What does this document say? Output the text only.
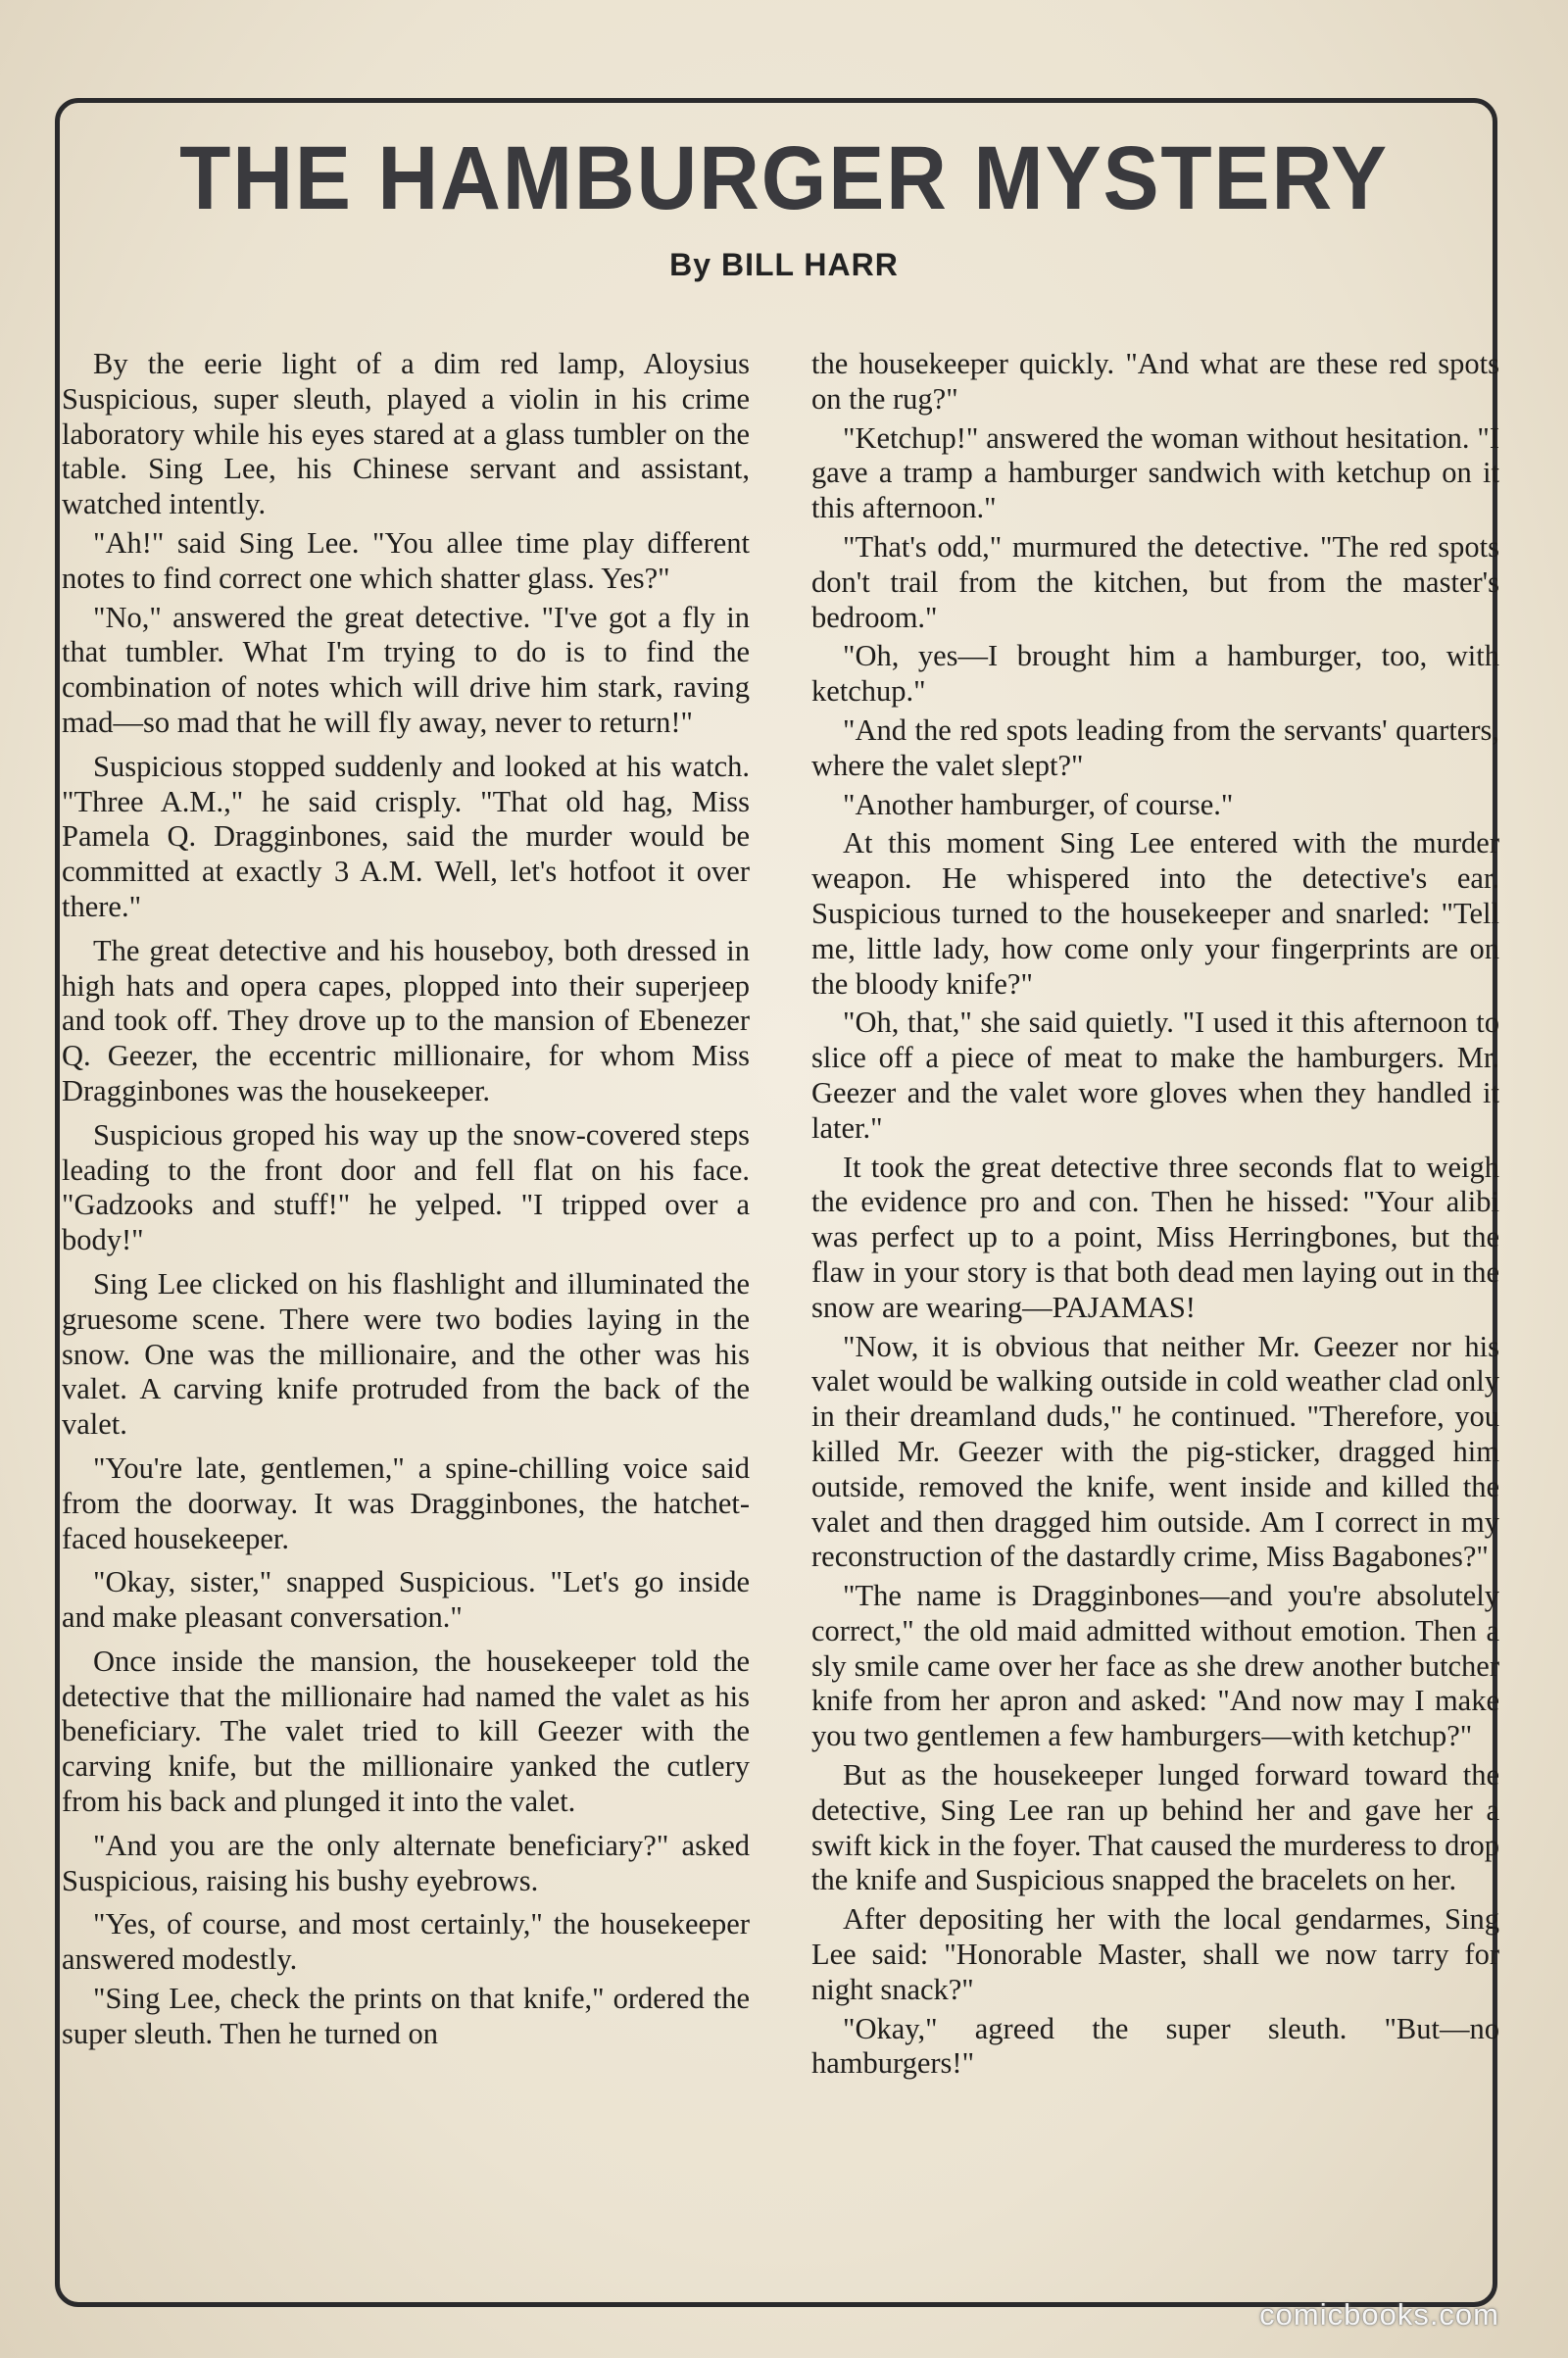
THE HAMBURGER MYSTERY
By BILL HARR

By the eerie light of a dim red lamp, Aloysius Suspicious, super sleuth, played a violin in his crime laboratory while his eyes stared at a glass tumbler on the table. Sing Lee, his Chinese servant and assistant, watched intently.

"Ah!" said Sing Lee. "You allee time play different notes to find correct one which shatter glass. Yes?"

"No," answered the great detective. "I've got a fly in that tumbler. What I'm trying to do is to find the combination of notes which will drive him stark, raving mad—so mad that he will fly away, never to return!"

Suspicious stopped suddenly and looked at his watch. "Three A.M.," he said crisply. "That old hag, Miss Pamela Q. Dragginbones, said the murder would be committed at exactly 3 A.M. Well, let's hotfoot it over there."

The great detective and his houseboy, both dressed in high hats and opera capes, plopped into their superjeep and took off. They drove up to the mansion of Ebenezer Q. Geezer, the eccentric millionaire, for whom Miss Dragginbones was the housekeeper.

Suspicious groped his way up the snow-covered steps leading to the front door and fell flat on his face. "Gadzooks and stuff!" he yelped. "I tripped over a body!"

Sing Lee clicked on his flashlight and illuminated the gruesome scene. There were two bodies laying in the snow. One was the millionaire, and the other was his valet. A carving knife protruded from the back of the valet.

"You're late, gentlemen," a spine-chilling voice said from the doorway. It was Dragginbones, the hatchet-faced housekeeper.

"Okay, sister," snapped Suspicious. "Let's go inside and make pleasant conversation."

Once inside the mansion, the housekeeper told the detective that the millionaire had named the valet as his beneficiary. The valet tried to kill Geezer with the carving knife, but the millionaire yanked the cutlery from his back and plunged it into the valet.

"And you are the only alternate beneficiary?" asked Suspicious, raising his bushy eyebrows.

"Yes, of course, and most certainly," the housekeeper answered modestly.

"Sing Lee, check the prints on that knife," ordered the super sleuth. Then he turned on

the housekeeper quickly. "And what are these red spots on the rug?"

"Ketchup!" answered the woman without hesitation. "I gave a tramp a hamburger sandwich with ketchup on it this afternoon."

"That's odd," murmured the detective. "The red spots don't trail from the kitchen, but from the master's bedroom."

"Oh, yes—I brought him a hamburger, too, with ketchup."

"And the red spots leading from the servants' quarters, where the valet slept?"

"Another hamburger, of course."

At this moment Sing Lee entered with the murder weapon. He whispered into the detective's ear. Suspicious turned to the housekeeper and snarled: "Tell me, little lady, how come only your fingerprints are on the bloody knife?"

"Oh, that," she said quietly. "I used it this afternoon to slice off a piece of meat to make the hamburgers. Mr. Geezer and the valet wore gloves when they handled it later."

It took the great detective three seconds flat to weigh the evidence pro and con. Then he hissed: "Your alibi was perfect up to a point, Miss Herringbones, but the flaw in your story is that both dead men laying out in the snow are wearing—PAJAMAS!

"Now, it is obvious that neither Mr. Geezer nor his valet would be walking outside in cold weather clad only in their dreamland duds," he continued. "Therefore, you killed Mr. Geezer with the pig-sticker, dragged him outside, removed the knife, went inside and killed the valet and then dragged him outside. Am I correct in my reconstruction of the dastardly crime, Miss Bagabones?"

"The name is Dragginbones—and you're absolutely correct," the old maid admitted without emotion. Then a sly smile came over her face as she drew another butcher knife from her apron and asked: "And now may I make you two gentlemen a few hamburgers—with ketchup?"

But as the housekeeper lunged forward toward the detective, Sing Lee ran up behind her and gave her a swift kick in the foyer. That caused the murderess to drop the knife and Suspicious snapped the bracelets on her.

After depositing her with the local gendarmes, Sing Lee said: "Honorable Master, shall we now tarry for night snack?"

"Okay," agreed the super sleuth. "But—no hamburgers!"

comicbooks.com
